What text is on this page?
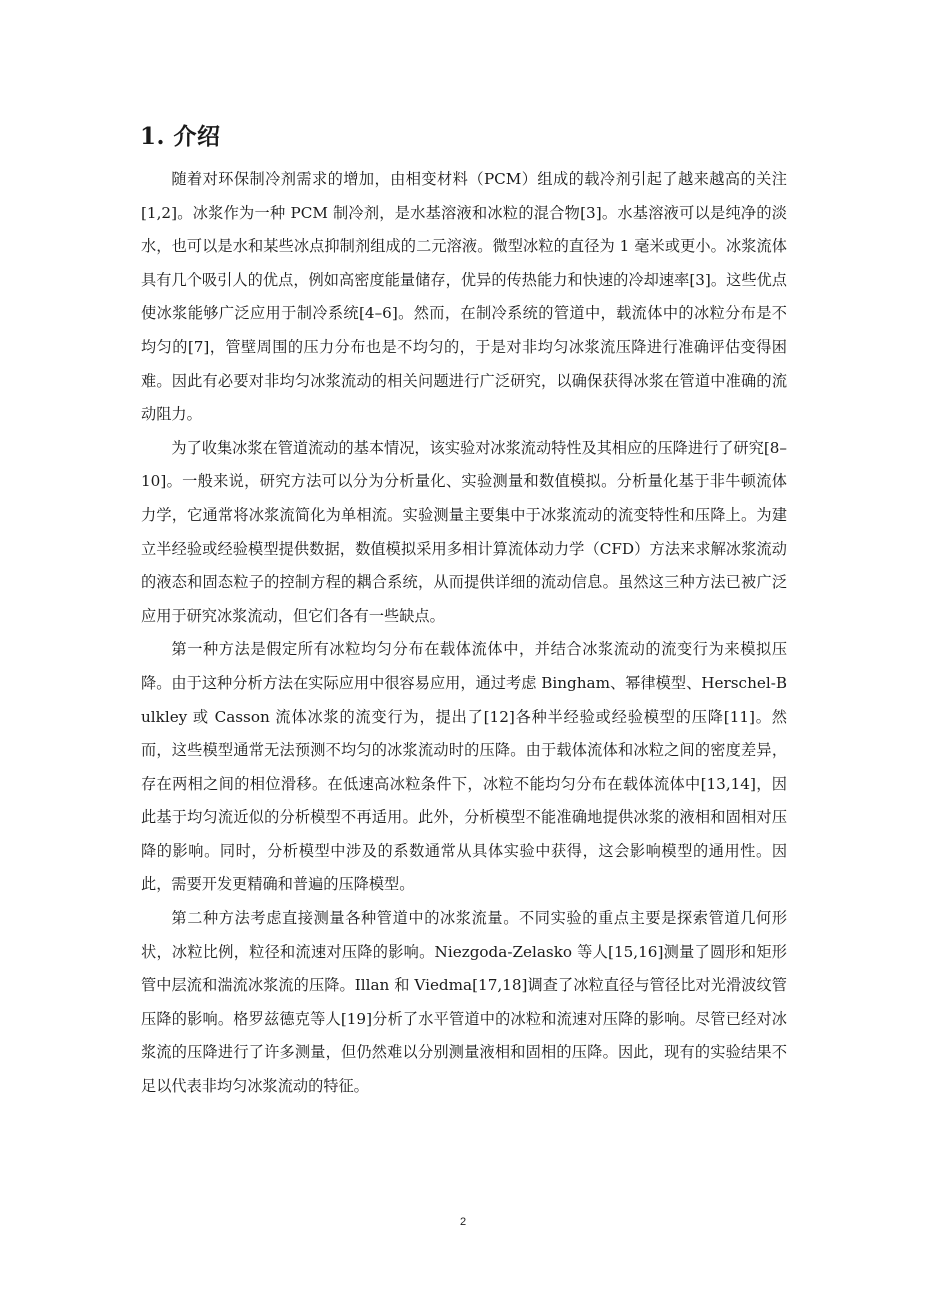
1. 介绍

随着对环保制冷剂需求的增加，由相变材料（PCM）组成的载冷剂引起了越来越高的关注[1,2]。冰浆作为一种 PCM 制冷剂，是水基溶液和冰粒的混合物[3]。水基溶液可以是纯净的淡水，也可以是水和某些冰点抑制剂组成的二元溶液。微型冰粒的直径为 1 毫米或更小。冰浆流体具有几个吸引人的优点，例如高密度能量储存，优异的传热能力和快速的冷却速率[3]。这些优点使冰浆能够广泛应用于制冷系统[4–6]。然而，在制冷系统的管道中，载流体中的冰粒分布是不均匀的[7]，管壁周围的压力分布也是不均匀的，于是对非均匀冰浆流压降进行准确评估变得困难。因此有必要对非均匀冰浆流动的相关问题进行广泛研究，以确保获得冰浆在管道中准确的流动阻力。

为了收集冰浆在管道流动的基本情况，该实验对冰浆流动特性及其相应的压降进行了研究[8–10]。一般来说，研究方法可以分为分析量化、实验测量和数值模拟。分析量化基于非牛顿流体力学，它通常将冰浆流简化为单相流。实验测量主要集中于冰浆流动的流变特性和压降上。为建立半经验或经验模型提供数据，数值模拟采用多相计算流体动力学（CFD）方法来求解冰浆流动的液态和固态粒子的控制方程的耦合系统，从而提供详细的流动信息。虽然这三种方法已被广泛应用于研究冰浆流动，但它们各有一些缺点。

第一种方法是假定所有冰粒均匀分布在载体流体中，并结合冰浆流动的流变行为来模拟压降。由于这种分析方法在实际应用中很容易应用，通过考虑 Bingham、幂律模型、Herschel-Bulkley 或 Casson 流体冰浆的流变行为，提出了[12]各种半经验或经验模型的压降[11]。然而，这些模型通常无法预测不均匀的冰浆流动时的压降。由于载体流体和冰粒之间的密度差异，存在两相之间的相位滑移。在低速高冰粒条件下，冰粒不能均匀分布在载体流体中[13,14]，因此基于均匀流近似的分析模型不再适用。此外，分析模型不能准确地提供冰浆的液相和固相对压降的影响。同时，分析模型中涉及的系数通常从具体实验中获得，这会影响模型的通用性。因此，需要开发更精确和普遍的压降模型。

第二种方法考虑直接测量各种管道中的冰浆流量。不同实验的重点主要是探索管道几何形状，冰粒比例，粒径和流速对压降的影响。Niezgoda-Zelasko 等人[15,16]测量了圆形和矩形管中层流和湍流冰浆流的压降。Illan 和 Viedma[17,18]调查了冰粒直径与管径比对光滑波纹管压降的影响。格罗兹德克等人[19]分析了水平管道中的冰粒和流速对压降的影响。尽管已经对冰浆流的压降进行了许多测量，但仍然难以分别测量液相和固相的压降。因此，现有的实验结果不足以代表非均匀冰浆流动的特征。

2
